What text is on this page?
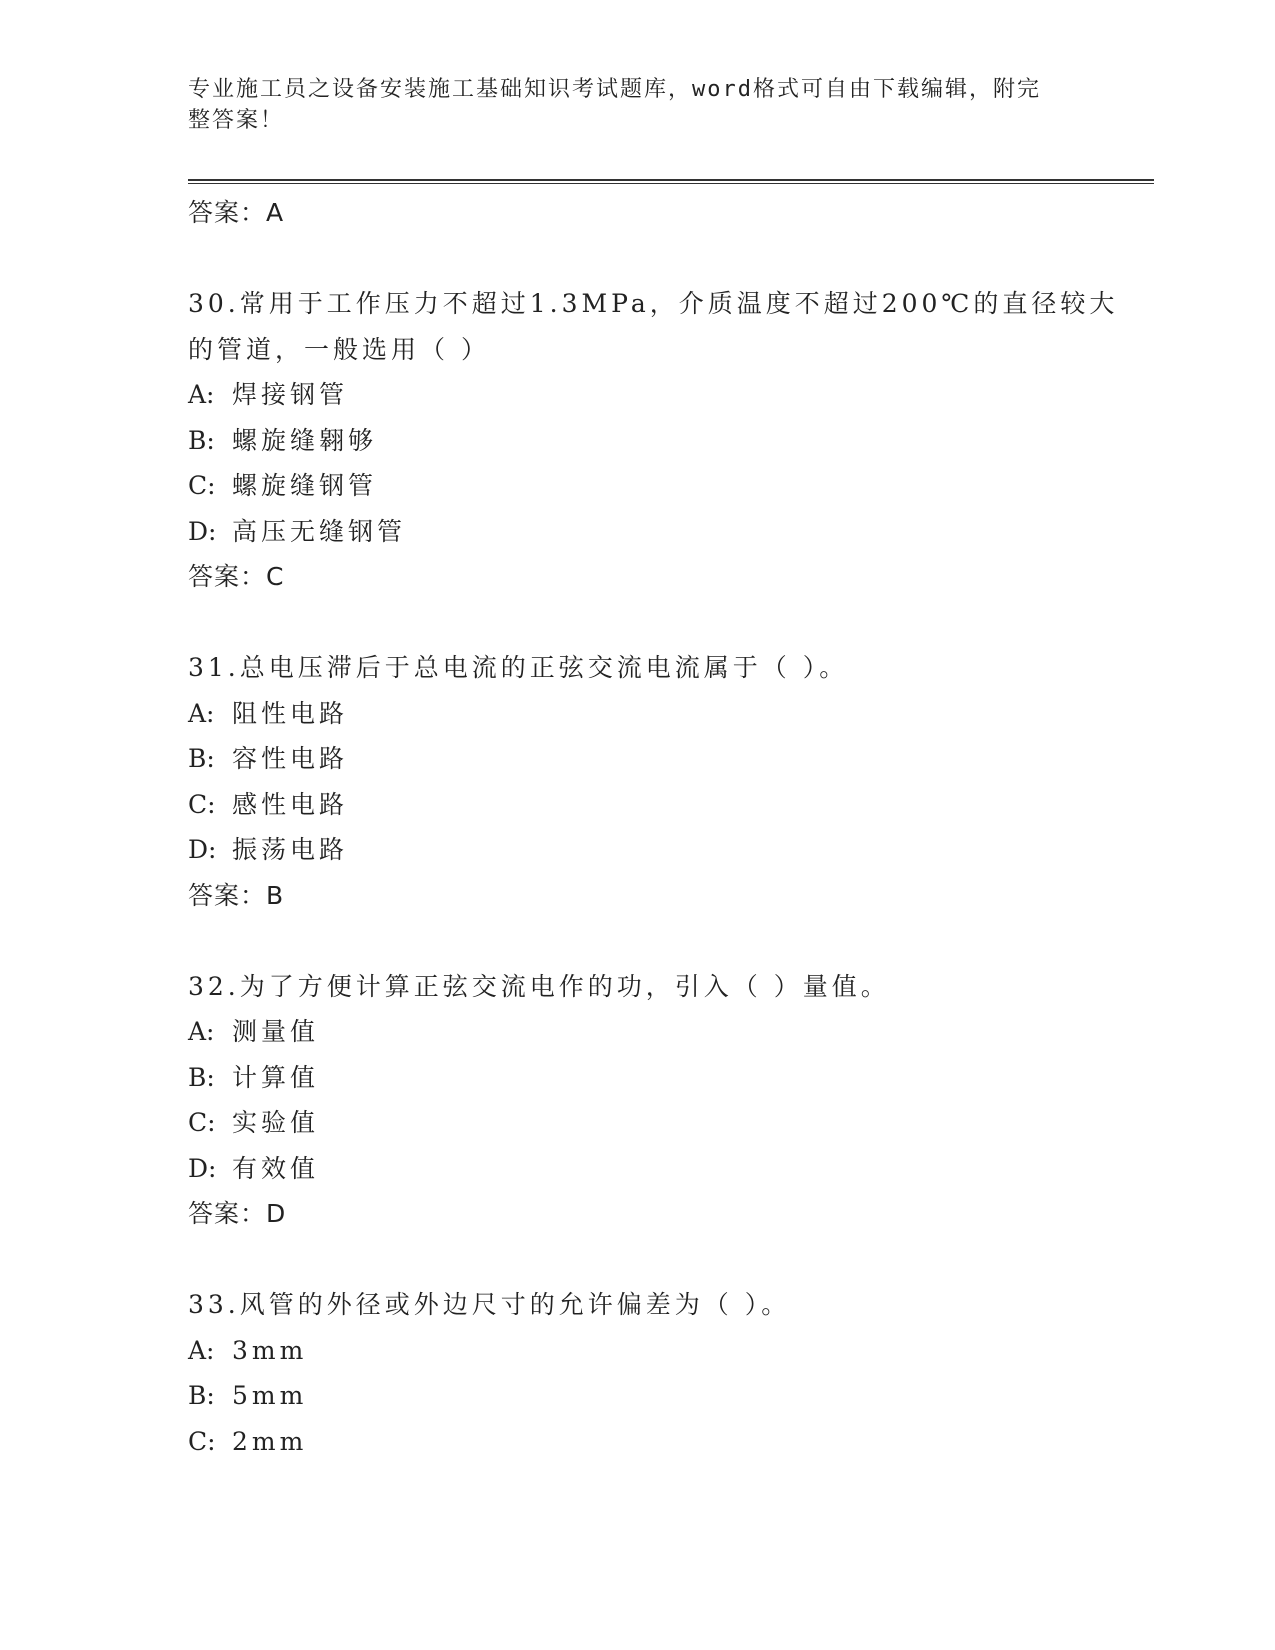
专业施工员之设备安装施工基础知识考试题库，word格式可自由下载编辑，附完
整答案！
答案：A
30.常用于工作压力不超过1.3MPa，介质温度不超过200℃的直径较大
的管道，一般选用（ ）
A: 焊接钢管
B: 螺旋缝翱够
C: 螺旋缝钢管
D: 高压无缝钢管
答案：C
31.总电压滞后于总电流的正弦交流电流属于（ ）。
A: 阻性电路
B: 容性电路
C: 感性电路
D: 振荡电路
答案：B
32.为了方便计算正弦交流电作的功，引入（ ）量值。
A: 测量值
B: 计算值
C: 实验值
D: 有效值
答案：D
33.风管的外径或外边尺寸的允许偏差为（ ）。
A: 3mm
B: 5mm
C: 2mm
